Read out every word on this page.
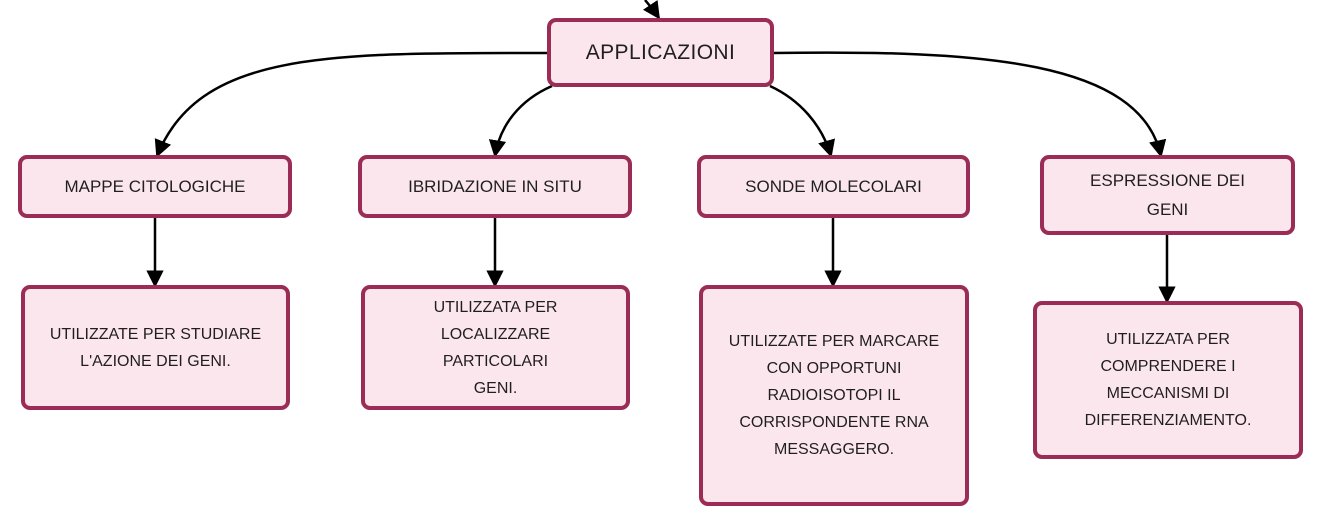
APPLICAZIONI
MAPPE CITOLOGICHE	IBRIDAZIONE IN SITU	SONDE MOLECOLARI	ESPRESSIONE DEI GENI
UTILIZZATE PER STUDIARE L'AZIONE DEI GENI.
UTILIZZATA PER LOCALIZZARE PARTICOLARI GENI.
UTILIZZATE PER MARCARE CON OPPORTUNI RADIOISOTOPI IL CORRISPONDENTE RNA MESSAGGERO.
UTILIZZATA PER COMPRENDERE I MECCANISMI DI DIFFERENZIAMENTO.
